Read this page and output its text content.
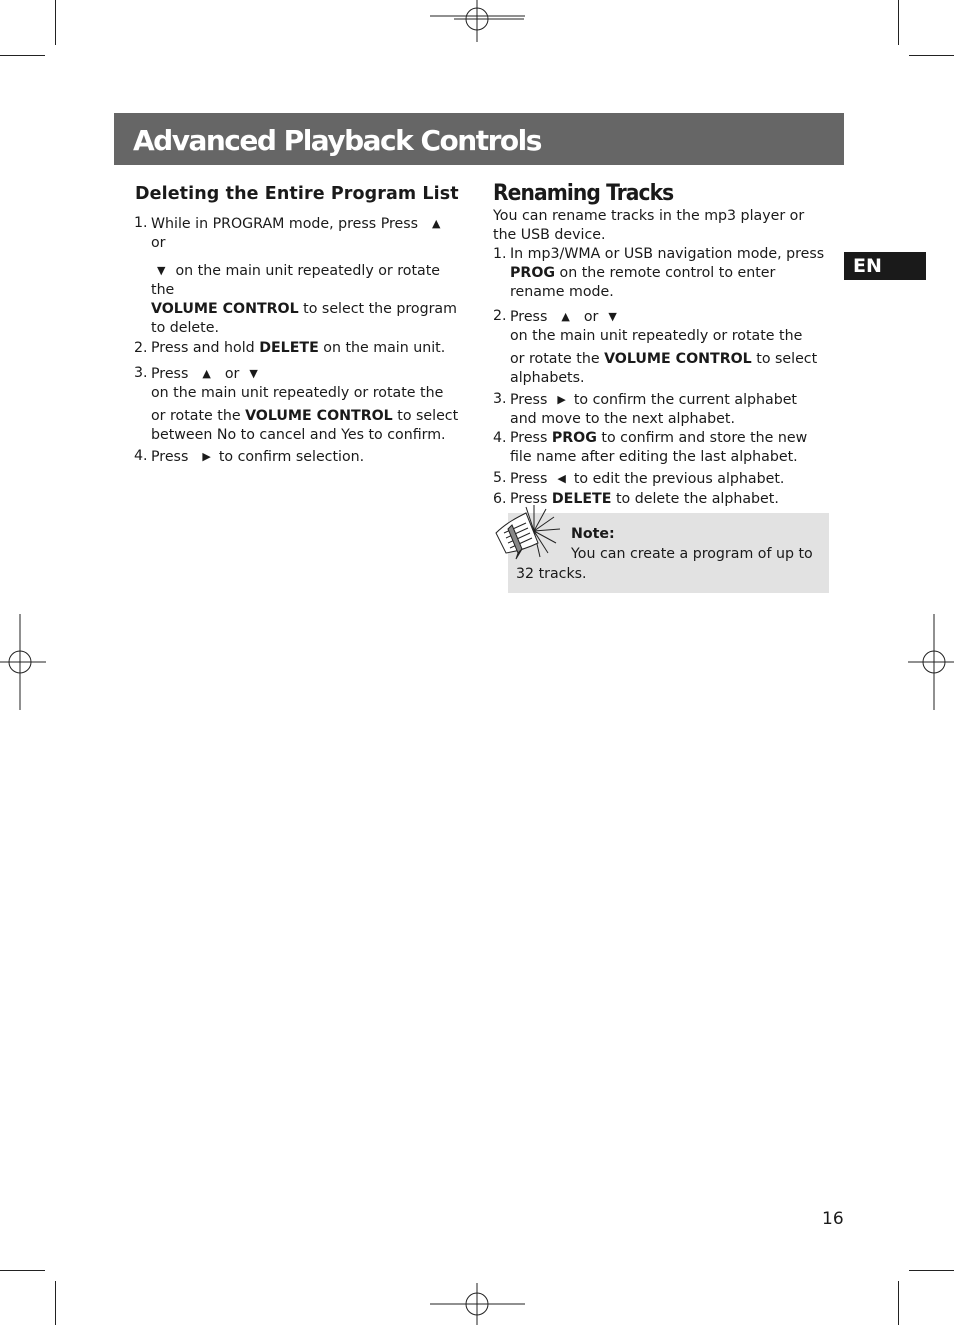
Advanced Playback Controls
EN
Deleting the Entire Program List
1. While in PROGRAM mode, press Press ▲or

▼ on the main unit repeatedly or rotate the
VOLUME CONTROL to select the program to delete.
2. Press and hold DELETE on the main unit.
3. Press ▲ or ▼on the main unit repeatedly or rotate the
or rotate the VOLUME CONTROL to select between No to cancel and Yes to confirm.
4. Press ▶ to confirm selection.
Renaming Tracks
You can rename tracks in the mp3 player or the USB device.
1. In mp3/WMA or USB navigation mode, press PROG on the remote control to enter rename mode.
2. Press ▲ or ▼on the main unit repeatedly or rotate the
or rotate the VOLUME CONTROL to select alphabets.
3. Press ▶ to confirm the current alphabet and move to the next alphabet.
4. Press PROG to confirm and store the new file name after editing the last alphabet.
5. Press ◀ to edit the previous alphabet.
6. Press DELETE to delete the alphabet.
Note:
You can create a program of up to
32 tracks.
16
